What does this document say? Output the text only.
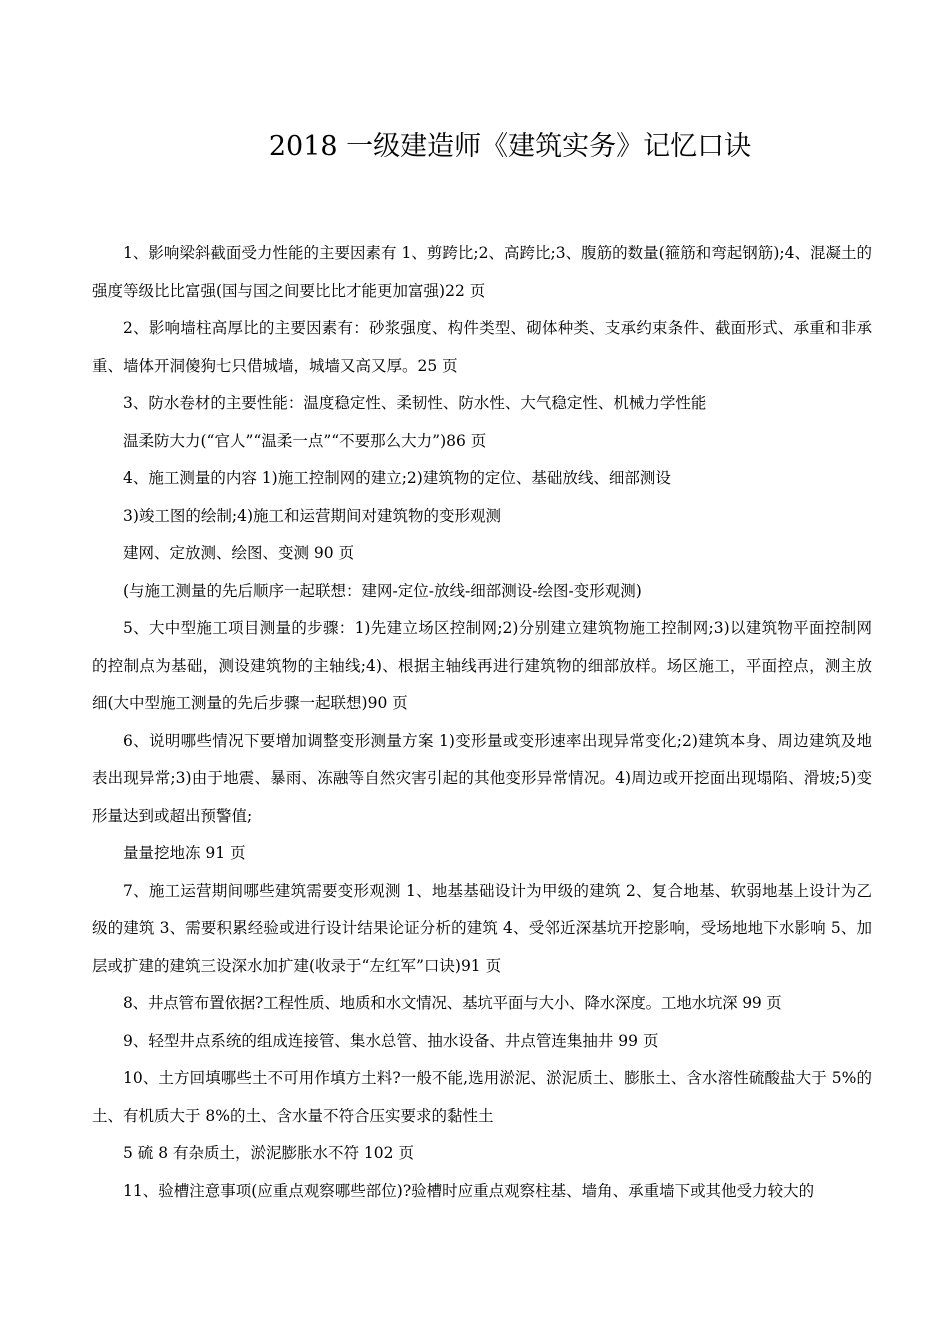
2018 一级建造师《建筑实务》记忆口诀

1、影响梁斜截面受力性能的主要因素有 1、剪跨比;2、高跨比;3、腹筋的数量(箍筋和弯起钢筋);4、混凝土的强度等级比比富强(国与国之间要比比才能更加富强)22 页

2、影响墙柱高厚比的主要因素有：砂浆强度、构件类型、砌体种类、支承约束条件、截面形式、承重和非承重、墙体开洞傻狗七只借城墙，城墙又高又厚。25 页

3、防水卷材的主要性能：温度稳定性、柔韧性、防水性、大气稳定性、机械力学性能

温柔防大力(“官人”“温柔一点”“不要那么大力”)86 页

4、施工测量的内容 1)施工控制网的建立;2)建筑物的定位、基础放线、细部测设

3)竣工图的绘制;4)施工和运营期间对建筑物的变形观测

建网、定放测、绘图、变测 90 页

(与施工测量的先后顺序一起联想：建网-定位-放线-细部测设-绘图-变形观测)

5、大中型施工项目测量的步骤：1)先建立场区控制网;2)分别建立建筑物施工控制网;3)以建筑物平面控制网的控制点为基础，测设建筑物的主轴线;4)、根据主轴线再进行建筑物的细部放样。场区施工，平面控点，测主放细(大中型施工测量的先后步骤一起联想)90 页

6、说明哪些情况下要增加调整变形测量方案 1)变形量或变形速率出现异常变化;2)建筑本身、周边建筑及地表出现异常;3)由于地震、暴雨、冻融等自然灾害引起的其他变形异常情况。4)周边或开挖面出现塌陷、滑坡;5)变形量达到或超出预警值;

量量挖地冻 91 页

7、施工运营期间哪些建筑需要变形观测 1、地基基础设计为甲级的建筑 2、复合地基、软弱地基上设计为乙级的建筑 3、需要积累经验或进行设计结果论证分析的建筑 4、受邻近深基坑开挖影响，受场地地下水影响 5、加层或扩建的建筑三设深水加扩建(收录于“左红军”口诀)91 页

8、井点管布置依据?工程性质、地质和水文情况、基坑平面与大小、降水深度。工地水坑深 99 页

9、轻型井点系统的组成连接管、集水总管、抽水设备、井点管连集抽井 99 页

10、土方回填哪些土不可用作填方土料?一般不能,选用淤泥、淤泥质土、膨胀土、含水溶性硫酸盐大于 5%的土、有机质大于 8%的土、含水量不符合压实要求的黏性土

5 硫 8 有杂质土，淤泥膨胀水不符 102 页

11、验槽注意事项(应重点观察哪些部位)?验槽时应重点观察柱基、墙角、承重墙下或其他受力较大的
